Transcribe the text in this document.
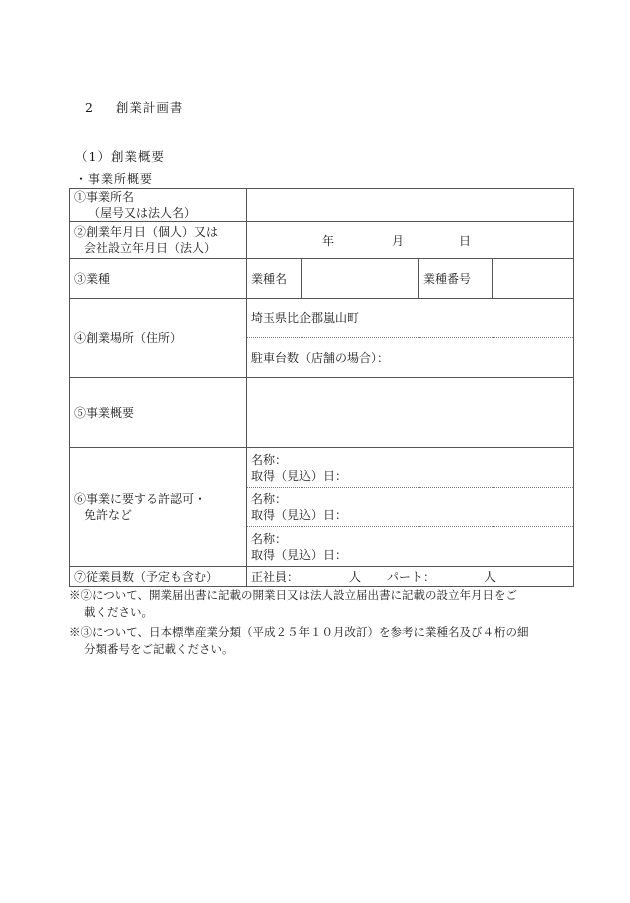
2 創業計画書
（1）創業概要
・事業所概要
①事業所名
（屋号又は法人名）				

②創業年月日（個人）又は
会社設立年月日（法人）	年 月 日			

③業種	業種名		業種番号	
④創業場所（住所）	埼玉県比企郡嵐山町			
	駐車台数（店舗の場合）：			
⑤事業概要				

⑥事業に要する許認可・
免許など	名称：
取得（見込）日：			

	名称：
取得（見込）日：			

	名称：
取得（見込）日：			

⑦従業員数（予定も含む）	正社員： 人 パート： 人			
※②について、開業届出書に記載の開業日又は法人設立届出書に記載の設立年月日をご
載ください。
※③について、日本標準産業分類（平成２５年１０月改訂）を参考に業種名及び４桁の細
分類番号をご記載ください。
